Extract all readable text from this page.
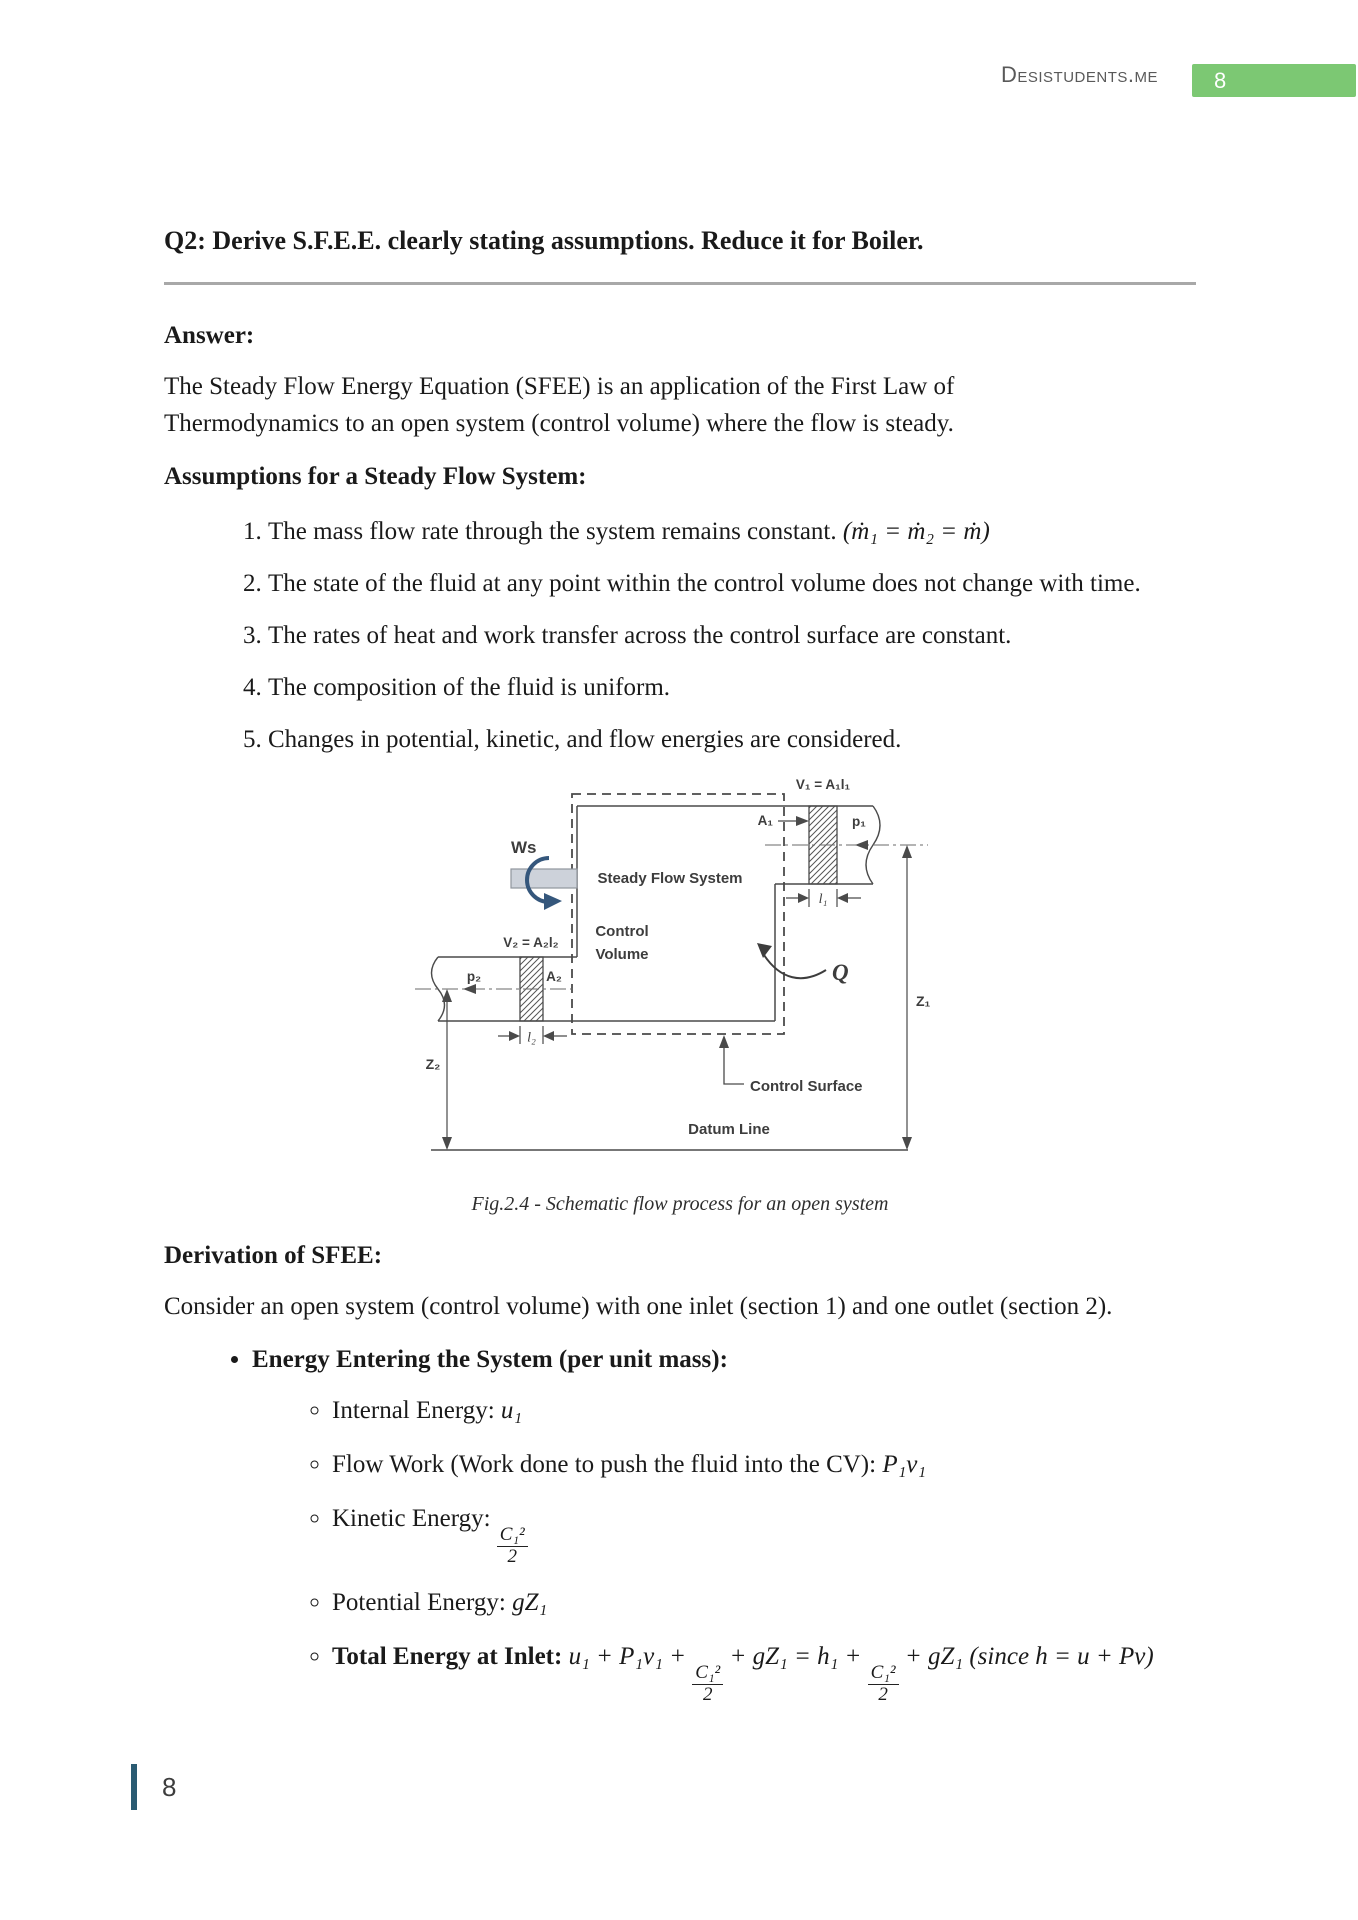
Desistudents.me	8
Q2: Derive S.F.E.E. clearly stating assumptions. Reduce it for Boiler.
Answer:

The Steady Flow Energy Equation (SFEE) is an application of the First Law of Thermodynamics to an open system (control volume) where the flow is steady.

Assumptions for a Steady Flow System:
1. The mass flow rate through the system remains constant. (ṁ₁ = ṁ₂ = ṁ)
2. The state of the fluid at any point within the control volume does not change with time.
3. The rates of heat and work transfer across the control surface are constant.
4. The composition of the fluid is uniform.
5. Changes in potential, kinetic, and flow energies are considered.
Ws
V₁ = A₁l₁
A₁	p₁
l₁
Steady Flow System
Control
Volume
Q
Z₁
V₂ = A₂l₂
p₂	A₂
l₂
Z₂
Control Surface
Datum Line
Fig.2.4 - Schematic flow process for an open system
Derivation of SFEE:

Consider an open system (control volume) with one inlet (section 1) and one outlet (section 2).

• Energy Entering the System (per unit mass):
◦ Internal Energy: u₁
◦ Flow Work (Work done to push the fluid into the CV): P₁v₁
◦ Kinetic Energy:
$\frac{\text{C₁²}}{2}$
◦ Potential Energy: gZ₁
◦ Total Energy at Inlet: u₁ + P₁v₁ +
$\frac{\text{C₁²}}{2}$
+ gZ₁ = h₁ +
$\frac{\text{C₁²}}{2}$
+ gZ₁ (since h = u + Pv)
8
